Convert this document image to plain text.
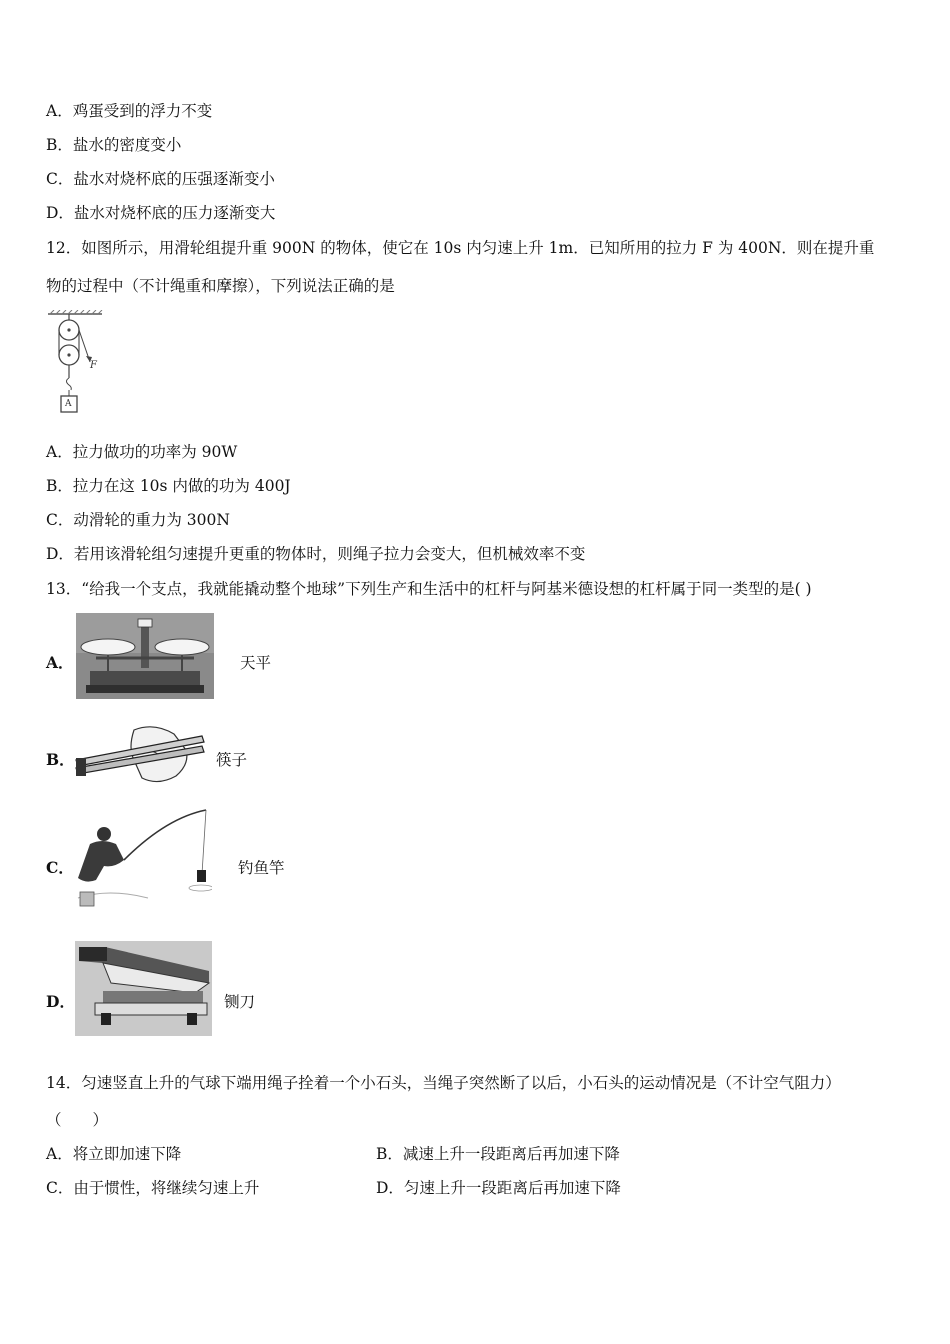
A．鸡蛋受到的浮力不变
B．盐水的密度变小
C．盐水对烧杯底的压强逐渐变小
D．盐水对烧杯底的压力逐渐变大
12．如图所示，用滑轮组提升重 900N 的物体，使它在 10s 内匀速上升 1m．已知所用的拉力 F 为 400N．则在提升重
物的过程中（不计绳重和摩擦），下列说法正确的是
F
A
A．拉力做功的功率为 90W
B．拉力在这 10s 内做的功为 400J
C．动滑轮的重力为 300N
D．若用该滑轮组匀速提升更重的物体时，则绳子拉力会变大，但机械效率不变
13．“给我一个支点，我就能撬动整个地球”下列生产和生活中的杠杆与阿基米德设想的杠杆属于同一类型的是( )
A．	天平
B．	筷子
C．	钓鱼竿
D．	铡刀
14．匀速竖直上升的气球下端用绳子拴着一个小石头，当绳子突然断了以后，小石头的运动情况是（不计空气阻力）
（　　）
A．将立即加速下降	B．减速上升一段距离后再加速下降
C．由于惯性，将继续匀速上升	D．匀速上升一段距离后再加速下降
